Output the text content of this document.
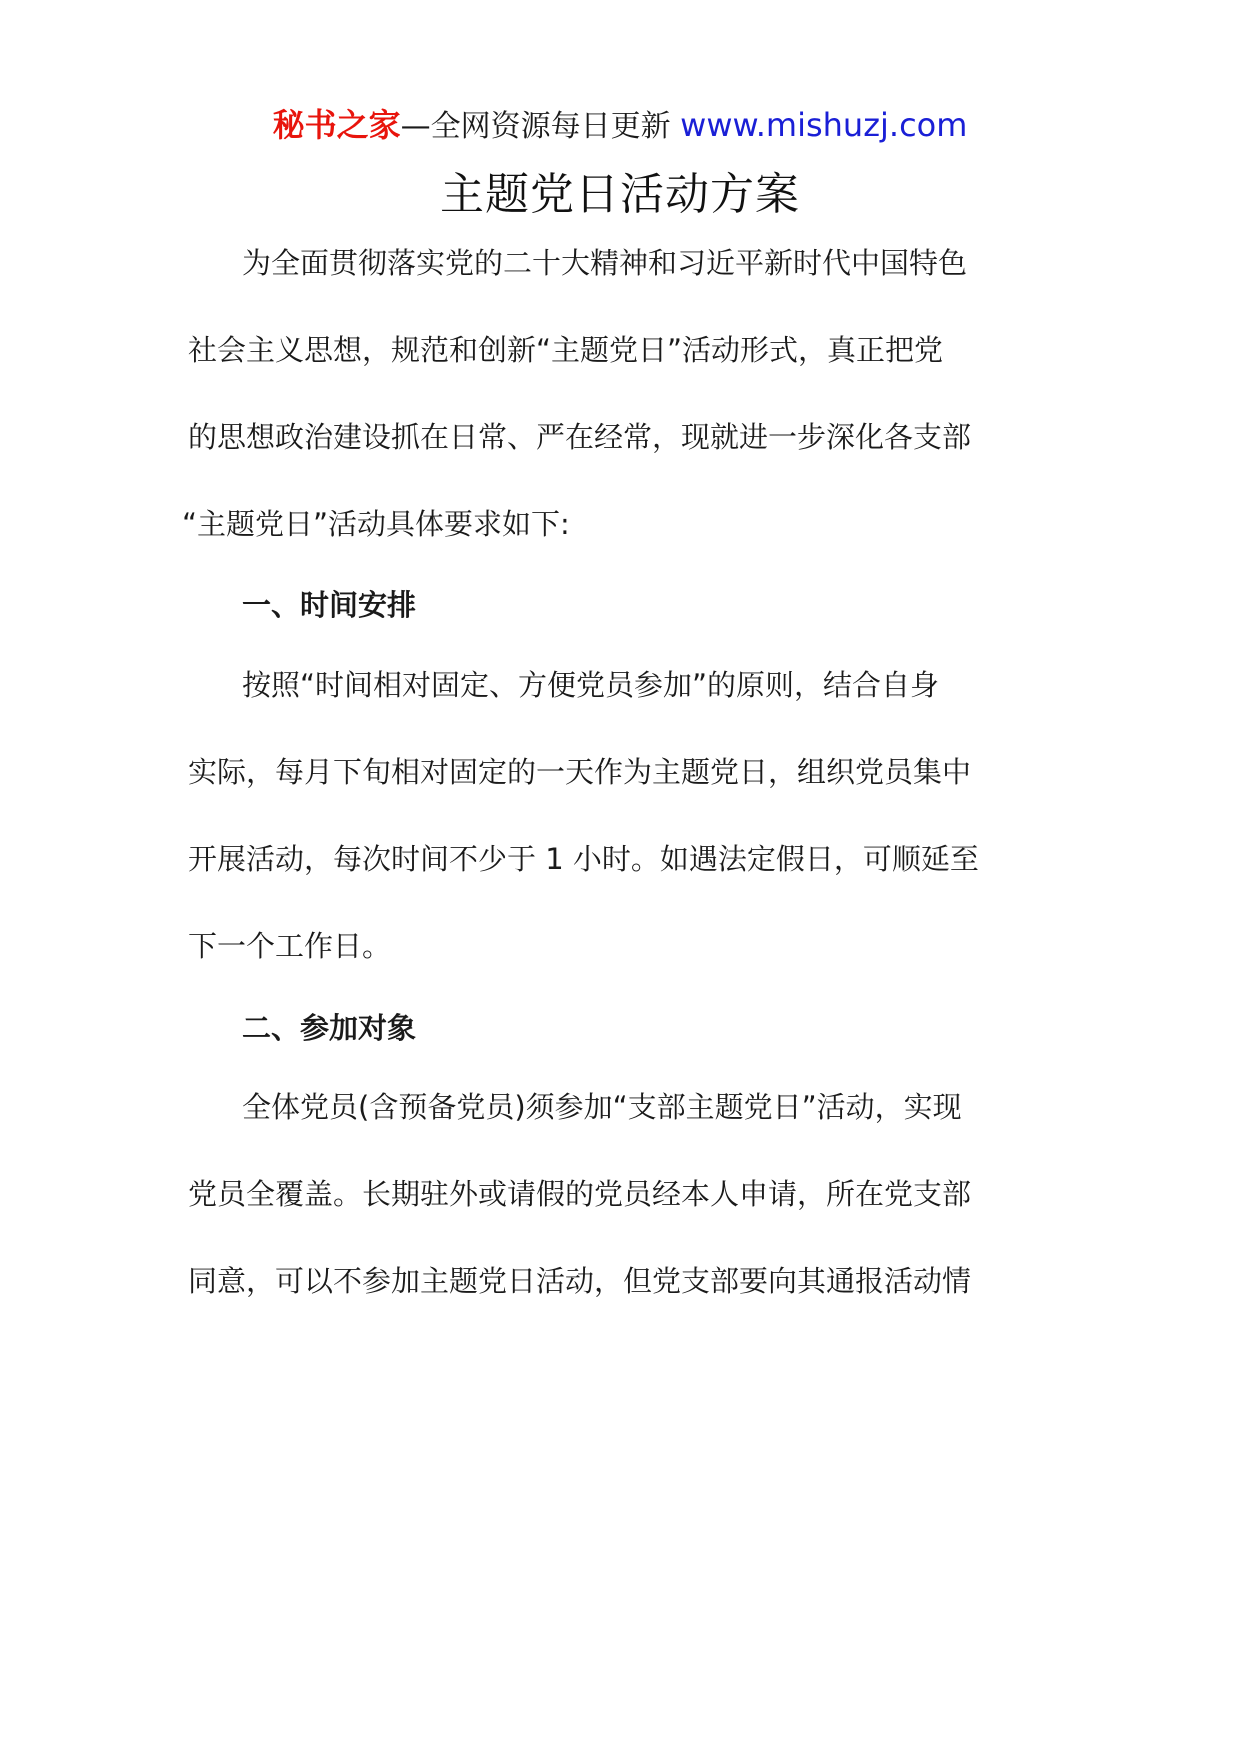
秘书之家—全网资源每日更新 www.mishuzj.com
主题党日活动方案
为全面贯彻落实党的二十大精神和习近平新时代中国特色
社会主义思想，规范和创新“主题党日”活动形式，真正把党
的思想政治建设抓在日常、严在经常，现就进一步深化各支部
“主题党日”活动具体要求如下:
一、时间安排
按照“时间相对固定、方便党员参加”的原则，结合自身
实际，每月下旬相对固定的一天作为主题党日，组织党员集中
开展活动，每次时间不少于 1 小时。如遇法定假日，可顺延至
下一个工作日。
二、参加对象
全体党员(含预备党员)须参加“支部主题党日”活动，实现
党员全覆盖。长期驻外或请假的党员经本人申请，所在党支部
同意，可以不参加主题党日活动，但党支部要向其通报活动情
